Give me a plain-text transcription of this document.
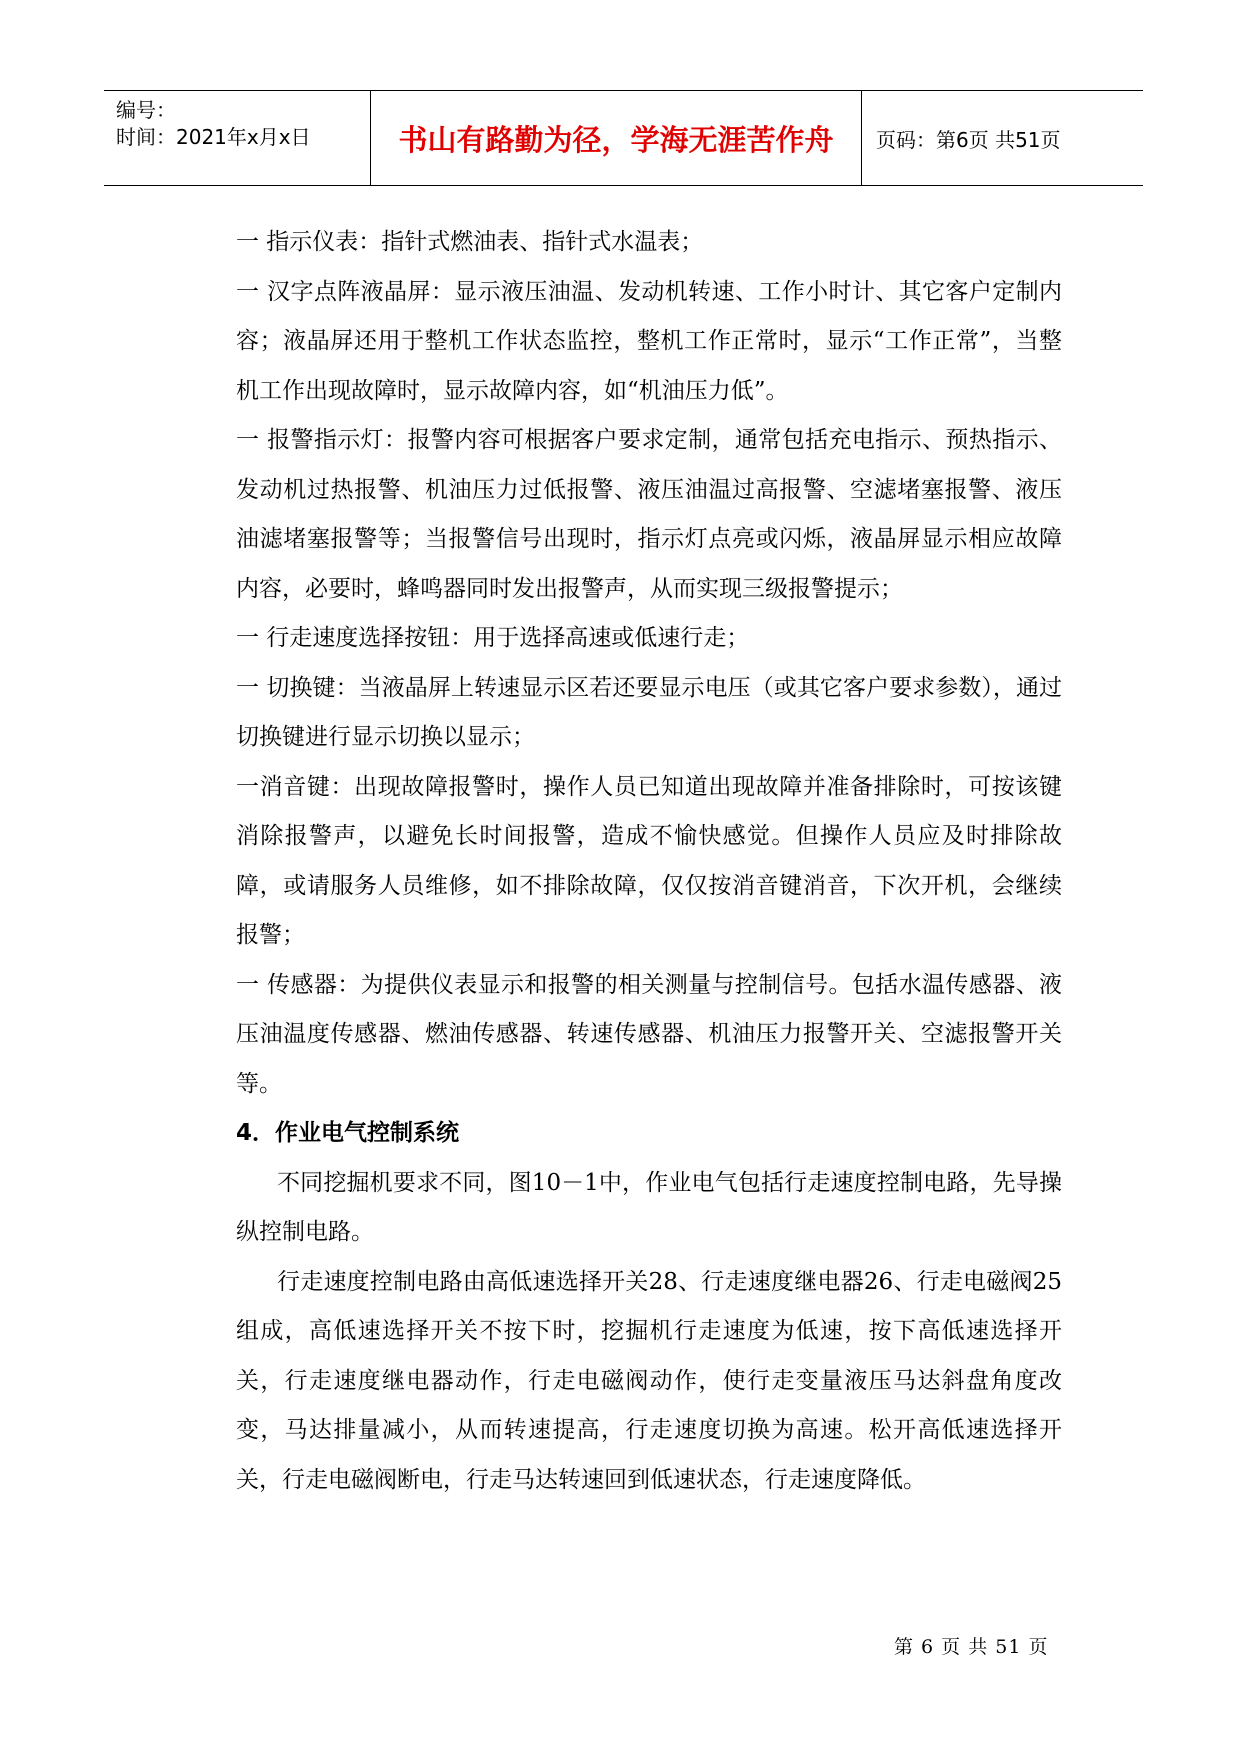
编号：
时间：2021年x月x日	书山有路勤为径，学海无涯苦作舟	页码：第6页 共51页

一 指示仪表：指针式燃油表、指针式水温表；

一 汉字点阵液晶屏：显示液压油温、发动机转速、工作小时计、其它客户定制内容；液晶屏还用于整机工作状态监控，整机工作正常时，显示“工作正常”，当整机工作出现故障时，显示故障内容，如“机油压力低”。

一 报警指示灯：报警内容可根据客户要求定制，通常包括充电指示、预热指示、发动机过热报警、机油压力过低报警、液压油温过高报警、空滤堵塞报警、液压油滤堵塞报警等；当报警信号出现时，指示灯点亮或闪烁，液晶屏显示相应故障内容，必要时，蜂鸣器同时发出报警声，从而实现三级报警提示；

一 行走速度选择按钮：用于选择高速或低速行走；

一 切换键：当液晶屏上转速显示区若还要显示电压（或其它客户要求参数），通过切换键进行显示切换以显示；

一消音键：出现故障报警时，操作人员已知道出现故障并准备排除时，可按该键消除报警声，以避免长时间报警，造成不愉快感觉。但操作人员应及时排除故障，或请服务人员维修，如不排除故障，仅仅按消音键消音，下次开机，会继续报警；

一 传感器：为提供仪表显示和报警的相关测量与控制信号。包括水温传感器、液压油温度传感器、燃油传感器、转速传感器、机油压力报警开关、空滤报警开关等。

4．作业电气控制系统

不同挖掘机要求不同，图10－1中，作业电气包括行走速度控制电路，先导操纵控制电路。

行走速度控制电路由高低速选择开关28、行走速度继电器26、行走电磁阀25组成，高低速选择开关不按下时，挖掘机行走速度为低速，按下高低速选择开关，行走速度继电器动作，行走电磁阀动作，使行走变量液压马达斜盘角度改变，马达排量减小，从而转速提高，行走速度切换为高速。松开高低速选择开关，行走电磁阀断电，行走马达转速回到低速状态，行走速度降低。

第 6 页 共 51 页
